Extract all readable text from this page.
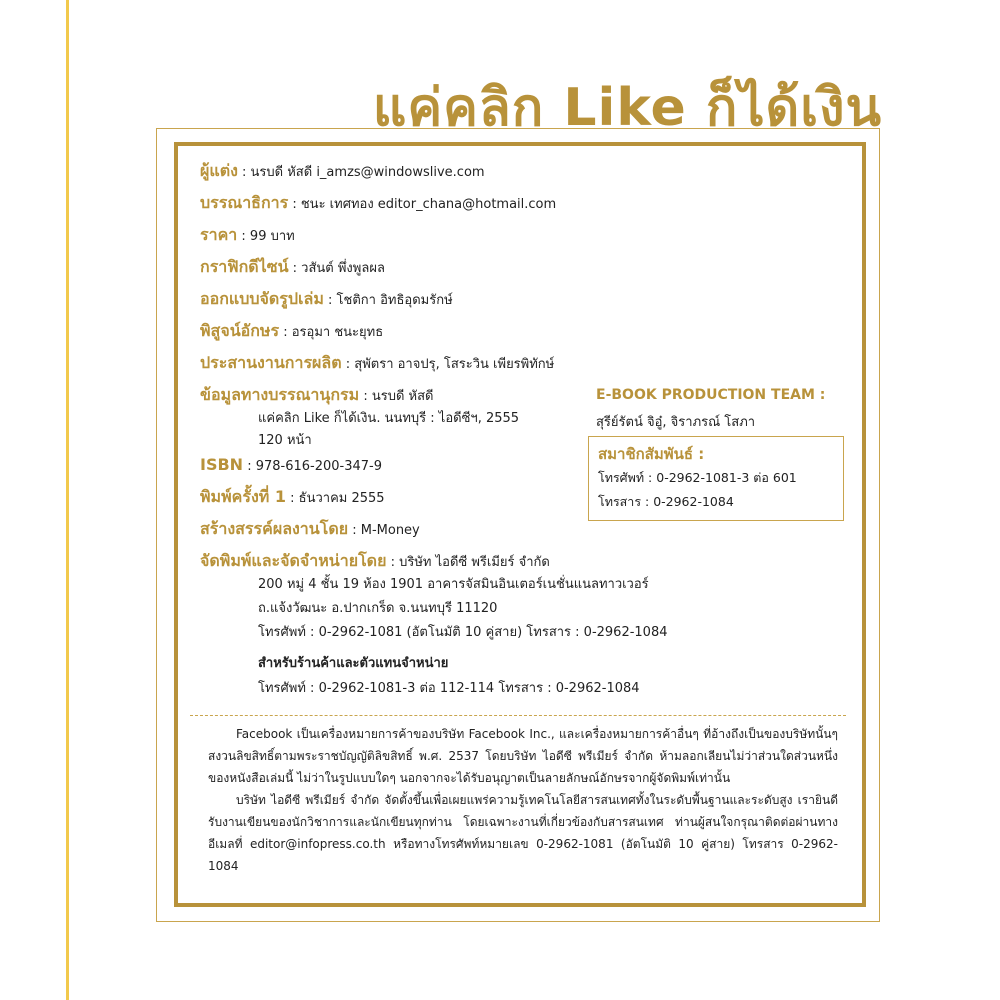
แค่คลิก Like ก็ได้เงิน
ผู้แต่ง : นรบดี หัสดี i_amzs@windowslive.com
บรรณาธิการ : ชนะ เทศทอง editor_chana@hotmail.com
ราคา : 99 บาท
กราฟิกดีไซน์ : วสันต์ พึ่งพูลผล
ออกแบบจัดรูปเล่ม : โชติกา อิทธิอุดมรักษ์
พิสูจน์อักษร : อรอุมา ชนะยุทธ
ประสานงานการผลิต : สุพัตรา อาจปรุ, โสระวิน เพียรพิทักษ์
ข้อมูลทางบรรณานุกรม : นรบดี หัสดี
แค่คลิก Like ก็ได้เงิน. นนทบุรี : ไอดีซีฯ, 2555
120 หน้า
ISBN : 978-616-200-347-9
พิมพ์ครั้งที่ 1 : ธันวาคม 2555
สร้างสรรค์ผลงานโดย : M-Money
จัดพิมพ์และจัดจำหน่ายโดย : บริษัท ไอดีซี พรีเมียร์ จำกัด
200 หมู่ 4 ชั้น 19 ห้อง 1901 อาคารจัสมินอินเตอร์เนชั่นแนลทาวเวอร์
ถ.แจ้งวัฒนะ อ.ปากเกร็ด จ.นนทบุรี 11120
โทรศัพท์ : 0-2962-1081 (อัตโนมัติ 10 คู่สาย) โทรสาร : 0-2962-1084
สำหรับร้านค้าและตัวแทนจำหน่าย
โทรศัพท์ : 0-2962-1081-3 ต่อ 112-114 โทรสาร : 0-2962-1084
E-BOOK PRODUCTION TEAM :
สุรีย์รัตน์ จิอู๋, จิราภรณ์ โสภา
สมาชิกสัมพันธ์ :
โทรศัพท์ : 0-2962-1081-3 ต่อ 601
โทรสาร : 0-2962-1084

Facebook เป็นเครื่องหมายการค้าของบริษัท Facebook Inc., และเครื่องหมายการค้าอื่นๆ ที่อ้างถึงเป็นของบริษัทนั้นๆ สงวนลิขสิทธิ์ตามพระราชบัญญัติลิขสิทธิ์ พ.ศ. 2537 โดยบริษัท ไอดีซี พรีเมียร์ จำกัด ห้ามลอกเลียนไม่ว่าส่วนใดส่วนหนึ่งของหนังสือเล่มนี้ ไม่ว่าในรูปแบบใดๆ นอกจากจะได้รับอนุญาตเป็นลายลักษณ์อักษรจากผู้จัดพิมพ์เท่านั้น

บริษัท ไอดีซี พรีเมียร์ จำกัด จัดตั้งขึ้นเพื่อเผยแพร่ความรู้เทคโนโลยีสารสนเทศทั้งในระดับพื้นฐานและระดับสูง เรายินดีรับงานเขียนของนักวิชาการและนักเขียนทุกท่าน โดยเฉพาะงานที่เกี่ยวข้องกับสารสนเทศ ท่านผู้สนใจกรุณาติดต่อผ่านทางอีเมลที่ editor@infopress.co.th หรือทางโทรศัพท์หมายเลข 0-2962-1081 (อัตโนมัติ 10 คู่สาย) โทรสาร 0-2962-1084
